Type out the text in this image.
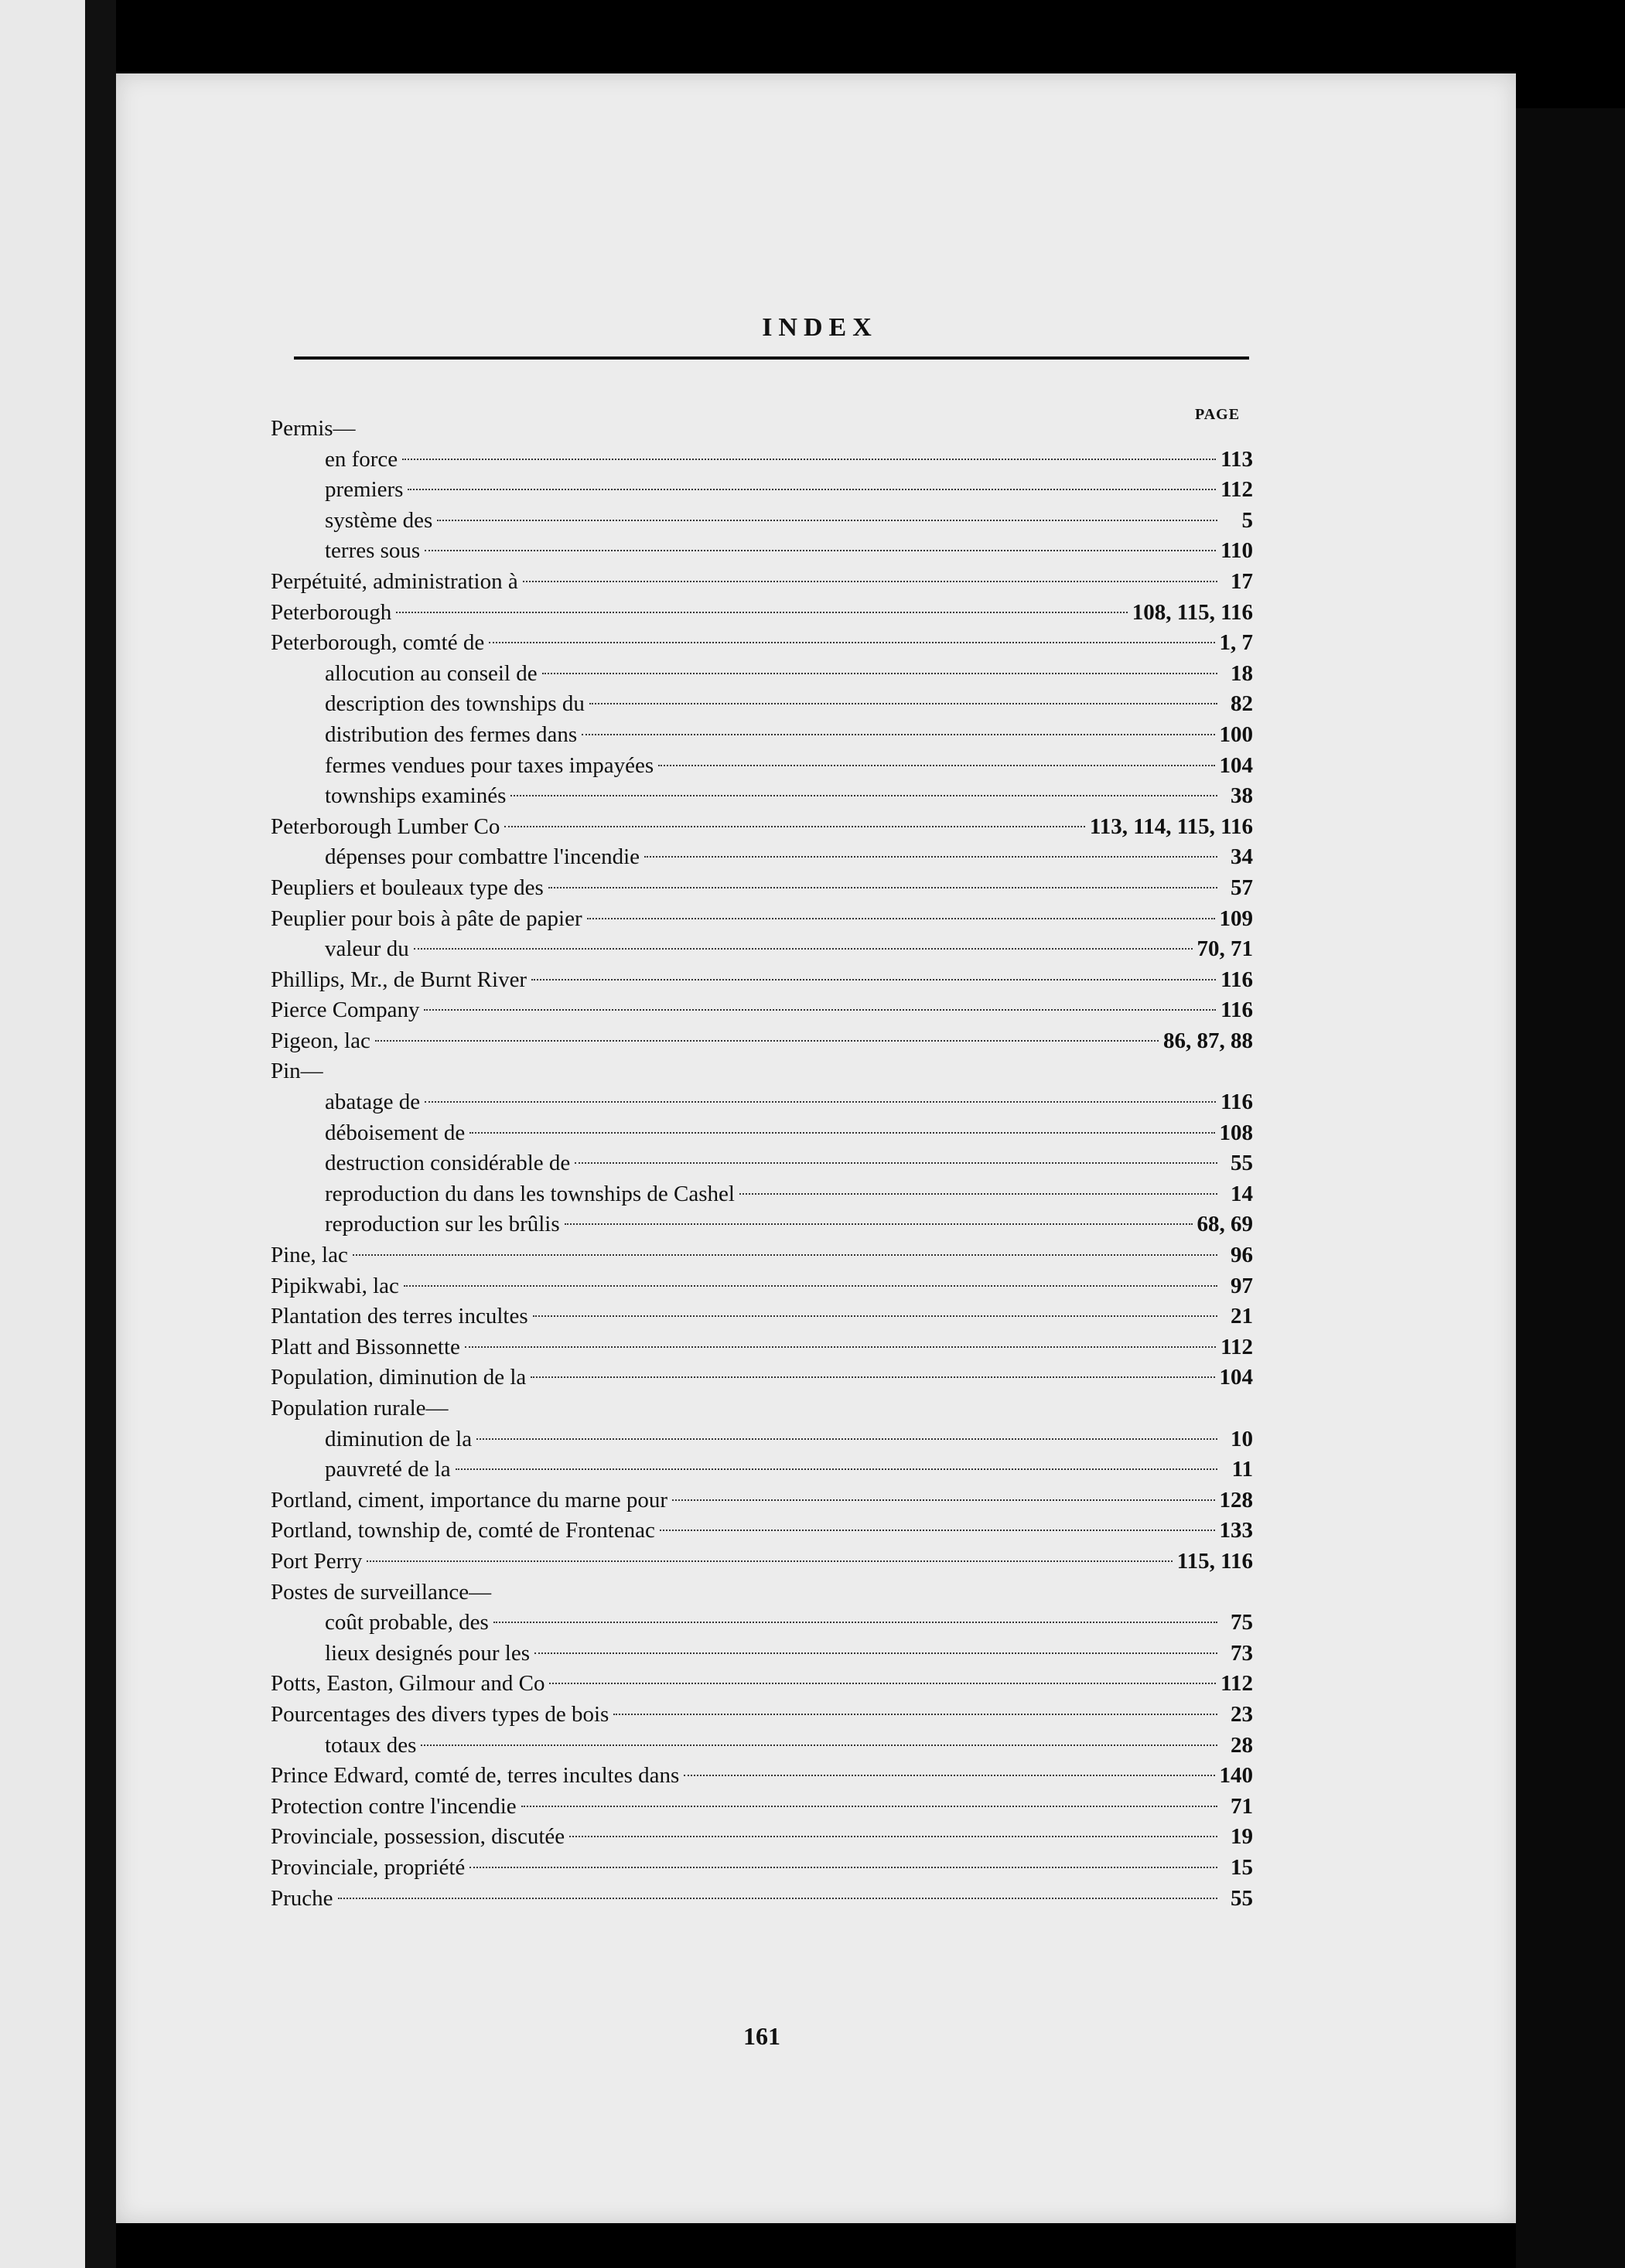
INDEX
PAGE
Permis—
en force	113
premiers	112
système des	5
terres sous	110
Perpétuité, administration à	17
Peterborough	108, 115, 116
Peterborough, comté de	1, 7
allocution au conseil de	18
description des townships du	82
distribution des fermes dans	100
fermes vendues pour taxes impayées	104
townships examinés	38
Peterborough Lumber Co	113, 114, 115, 116
dépenses pour combattre l'incendie	34
Peupliers et bouleaux type des	57
Peuplier pour bois à pâte de papier	109
valeur du	70, 71
Phillips, Mr., de Burnt River	116
Pierce Company	116
Pigeon, lac	86, 87, 88
Pin—
abatage de	116
déboisement de	108
destruction considérable de	55
reproduction du dans les townships de Cashel	14
reproduction sur les brûlis	68, 69
Pine, lac	96
Pipikwabi, lac	97
Plantation des terres incultes	21
Platt and Bissonnette	112
Population, diminution de la	104
Population rurale—
diminution de la	10
pauvreté de la	11
Portland, ciment, importance du marne pour	128
Portland, township de, comté de Frontenac	133
Port Perry	115, 116
Postes de surveillance—
coût probable, des	75
lieux designés pour les	73
Potts, Easton, Gilmour and Co	112
Pourcentages des divers types de bois	23
totaux des	28
Prince Edward, comté de, terres incultes dans	140
Protection contre l'incendie	71
Provinciale, possession, discutée	19
Provinciale, propriété	15
Pruche	55
161
